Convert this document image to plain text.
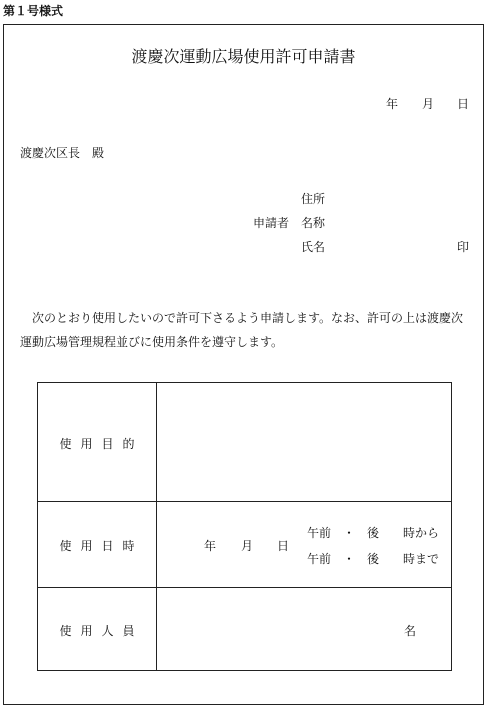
第１号様式
渡慶次運動広場使用許可申請書
年 月 日
渡慶次区長　殿
住所
申請者 名称
氏名	印
次のとおり使用したいので許可下さるよう申請します。なお、許可の上は渡慶次
運動広場管理規程並びに使用条件を遵守します。
使用目的
使用日時
使用人員
年 月 日
午前　・　後　　時から
午前　・　後　　時まで
名
